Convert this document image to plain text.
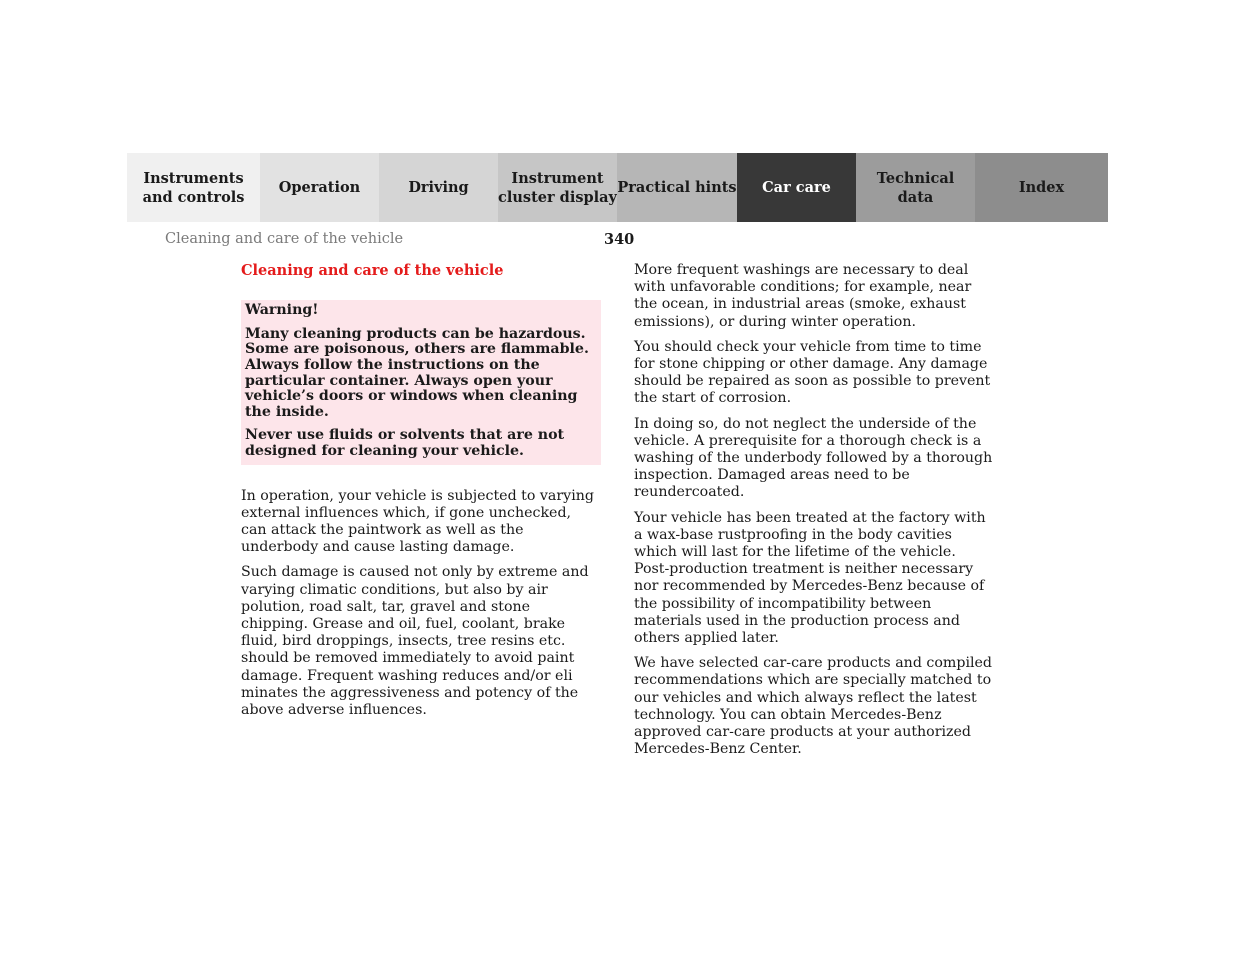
Instruments
and controls
Operation	Driving
Instrument
cluster display
Practical hints	Car care
Technical
data
Index
Cleaning and care of the vehicle	340
Cleaning and care of the vehicle

Warning!

Many cleaning products can be hazardous. Some are poisonous, others are flammable. Always follow the instructions on the particular container. Always open your vehicle’s doors or windows when cleaning the inside.

Never use fluids or solvents that are not designed for cleaning your vehicle.

In operation, your vehicle is subjected to varying external influences which, if gone unchecked, can attack the paintwork as well as the underbody and cause lasting damage.

Such damage is caused not only by extreme and varying climatic conditions, but also by air polution, road salt, tar, gravel and stone chipping. Grease and oil, fuel, coolant, brake fluid, bird droppings, insects, tree resins etc. should be removed immediately to avoid paint damage. Frequent washing reduces and/or eli minates the aggressiveness and potency of the above adverse influences.

More frequent washings are necessary to deal with unfavorable conditions; for example, near the ocean, in industrial areas (smoke, exhaust emissions), or during winter operation.

You should check your vehicle from time to time for stone chipping or other damage. Any damage should be repaired as soon as possible to prevent the start of corrosion.

In doing so, do not neglect the underside of the vehicle. A prerequisite for a thorough check is a washing of the underbody followed by a thorough inspection. Damaged areas need to be reundercoated.

Your vehicle has been treated at the factory with a wax-base rustproofing in the body cavities which will last for the lifetime of the vehicle. Post-production treatment is neither necessary nor recommended by Mercedes-Benz because of the possibility of incompatibility between materials used in the production process and others applied later.

We have selected car-care products and compiled recommendations which are specially matched to our vehicles and which always reflect the latest technology. You can obtain Mercedes-Benz approved car-care products at your authorized Mercedes-Benz Center.
